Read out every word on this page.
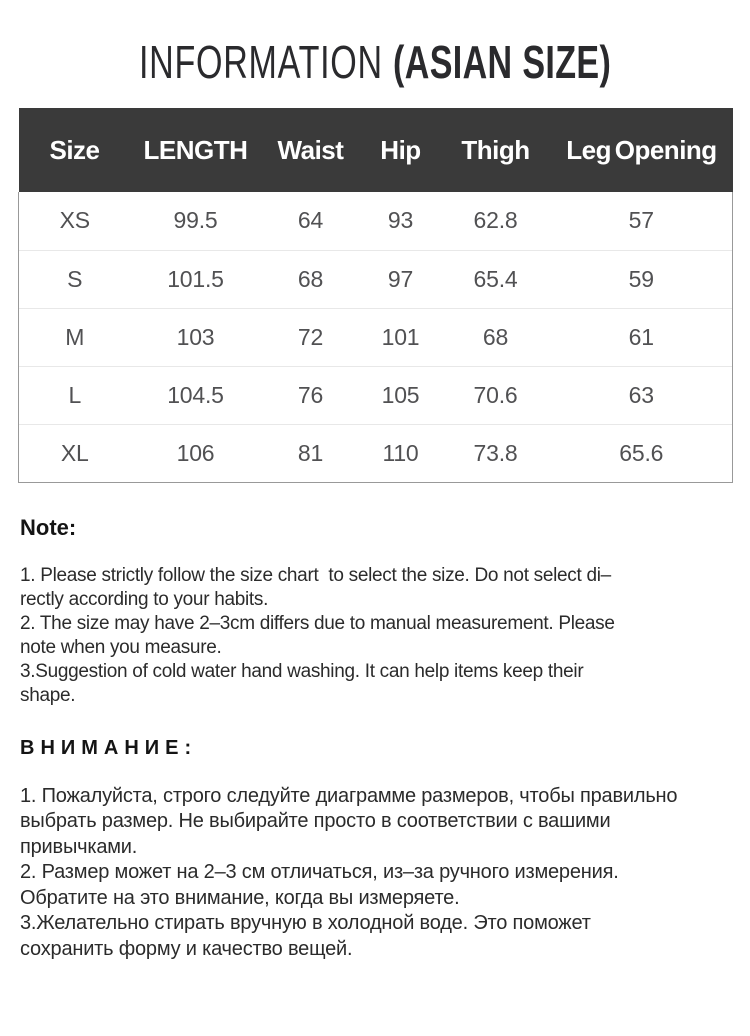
INFORMATION (ASIAN SIZE)
Size	LENGTH	Waist	Hip	Thigh	Leg Opening
XS	99.5	64	93	62.8	57
S	101.5	68	97	65.4	59
M	103	72	101	68	61
L	104.5	76	105	70.6	63
XL	106	81	110	73.8	65.6
Note:
1. Please strictly follow the size chart  to select the size. Do not select di–
rectly according to your habits.
2. The size may have 2–3cm differs due to manual measurement. Please
note when you measure.
3.Suggestion of cold water hand washing. It can help items keep their
shape.
ВНИМАНИЕ:
1. Пожалуйста, строго следуйте диаграмме размеров, чтобы правильно
выбрать размер. Не выбирайте просто в соответствии с вашими
привычками.
2. Размер может на 2–3 см отличаться, из–за ручного измерения.
Обратите на это внимание, когда вы измеряете.
3.Желательно стирать вручную в холодной воде. Это поможет
сохранить форму и качество вещей.
